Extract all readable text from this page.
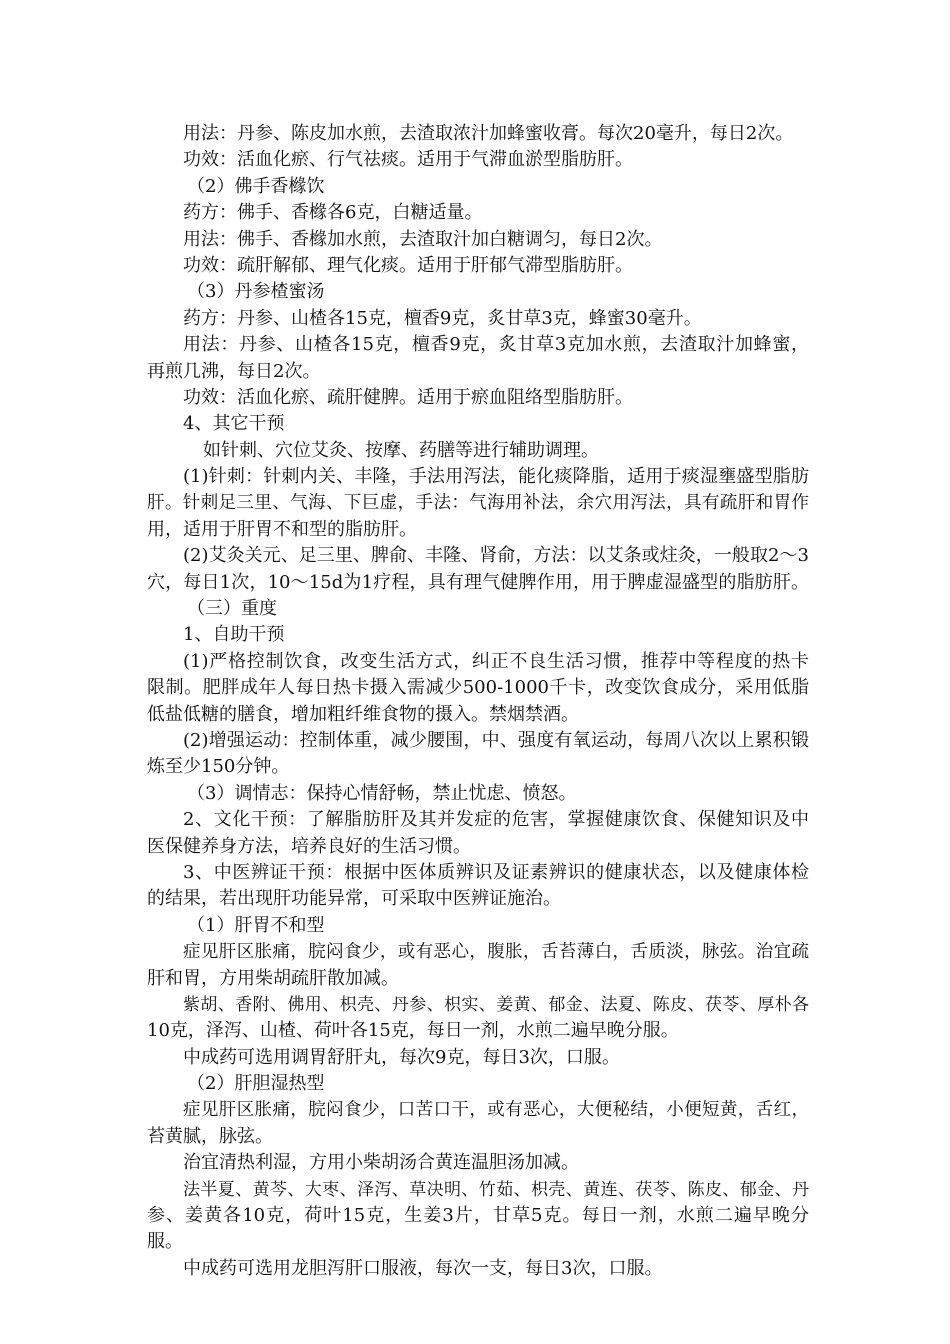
用法：丹参、陈皮加水煎，去渣取浓汁加蜂蜜收膏。每次20毫升，每日2次。
功效：活血化瘀、行气祛痰。适用于气滞血淤型脂肪肝。
（2）佛手香橼饮
药方：佛手、香橼各6克，白糖适量。
用法：佛手、香橼加水煎，去渣取汁加白糖调匀，每日2次。
功效：疏肝解郁、理气化痰。适用于肝郁气滞型脂肪肝。
（3）丹参楂蜜汤
药方：丹参、山楂各15克，檀香9克，炙甘草3克，蜂蜜30毫升。
用法：丹参、山楂各15克，檀香9克，炙甘草3克加水煎，去渣取汁加蜂蜜，
再煎几沸，每日2次。
功效：活血化瘀、疏肝健脾。适用于瘀血阻络型脂肪肝。
4、其它干预
如针刺、穴位艾灸、按摩、药膳等进行辅助调理。
(1)针刺：针刺内关、丰隆，手法用泻法，能化痰降脂，适用于痰湿壅盛型脂肪
肝。针刺足三里、气海、下巨虚，手法：气海用补法，余穴用泻法，具有疏肝和胃作
用，适用于肝胃不和型的脂肪肝。
(2)艾灸关元、足三里、脾俞、丰隆、肾俞，方法：以艾条或炷灸，一般取2～3
穴，每日1次，10～15d为1疗程，具有理气健脾作用，用于脾虚湿盛型的脂肪肝。
（三）重度
1、自助干预
(1)严格控制饮食，改变生活方式，纠正不良生活习惯，推荐中等程度的热卡
限制。肥胖成年人每日热卡摄入需减少500-1000千卡，改变饮食成分，采用低脂
低盐低糖的膳食，增加粗纤维食物的摄入。禁烟禁酒。
(2)增强运动：控制体重，减少腰围，中、强度有氧运动，每周八次以上累积锻
炼至少150分钟。
（3）调情志：保持心情舒畅，禁止忧虑、愤怒。
2、文化干预：了解脂肪肝及其并发症的危害，掌握健康饮食、保健知识及中
医保健养身方法，培养良好的生活习惯。
3、中医辨证干预：根据中医体质辨识及证素辨识的健康状态，以及健康体检
的结果，若出现肝功能异常，可采取中医辨证施治。
（1）肝胃不和型
症见肝区胀痛，脘闷食少，或有恶心，腹胀，舌苔薄白，舌质淡，脉弦。治宜疏
肝和胃，方用柴胡疏肝散加减。
紫胡、香附、佛用、枳壳、丹参、枳实、姜黄、郁金、法夏、陈皮、茯苓、厚朴各
10克，泽泻、山楂、荷叶各15克，每日一剂，水煎二遍早晚分服。
中成药可选用调胃舒肝丸，每次9克，每日3次，口服。
（2）肝胆湿热型
症见肝区胀痛，脘闷食少，口苦口干，或有恶心，大便秘结，小便短黄，舌红，
苔黄腻，脉弦。
治宜清热利湿，方用小柴胡汤合黄连温胆汤加减。
法半夏、黄芩、大枣、泽泻、草决明、竹茹、枳壳、黄连、茯苓、陈皮、郁金、丹
参、姜黄各10克，荷叶15克，生姜3片，甘草5克。每日一剂，水煎二遍早晚分
服。
中成药可选用龙胆泻肝口服液，每次一支，每日3次，口服。
